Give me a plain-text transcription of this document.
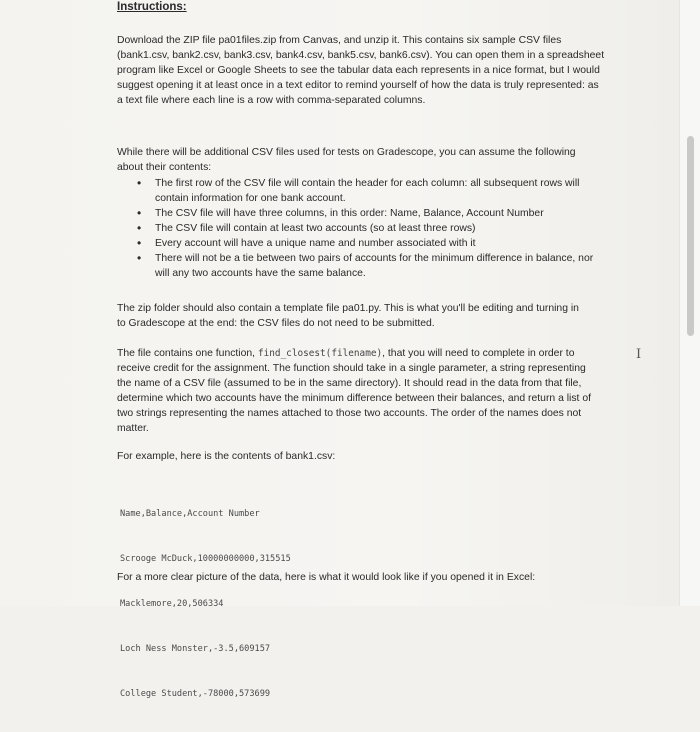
Instructions:

Download the ZIP file pa01files.zip from Canvas, and unzip it. This contains six sample CSV files (bank1.csv, bank2.csv, bank3.csv, bank4.csv, bank5.csv, bank6.csv). You can open them in a spreadsheet program like Excel or Google Sheets to see the tabular data each represents in a nice format, but I would suggest opening it at least once in a text editor to remind yourself of how the data is truly represented: as a text file where each line is a row with comma-separated columns.

While there will be additional CSV files used for tests on Gradescope, you can assume the following about their contents:

• The first row of the CSV file will contain the header for each column: all subsequent rows will contain information for one bank account.
• The CSV file will have three columns, in this order: Name, Balance, Account Number
• The CSV file will contain at least two accounts (so at least three rows)
• Every account will have a unique name and number associated with it
• There will not be a tie between two pairs of accounts for the minimum difference in balance, nor will any two accounts have the same balance.

The zip folder should also contain a template file pa01.py. This is what you'll be editing and turning in to Gradescope at the end: the CSV files do not need to be submitted.

The file contains one function, find_closest(filename), that you will need to complete in order to receive credit for the assignment. The function should take in a single parameter, a string representing the name of a CSV file (assumed to be in the same directory). It should read in the data from that file, determine which two accounts have the minimum difference between their balances, and return a list of two strings representing the names attached to those two accounts. The order of the names does not matter.

For example, here is the contents of bank1.csv:

Name,Balance,Account Number

Scrooge McDuck,10000000000,315515

Macklemore,20,506334

Loch Ness Monster,-3.5,609157

College Student,-78000,573699

For a more clear picture of the data, here is what it would look like if you opened it in Excel:

I
